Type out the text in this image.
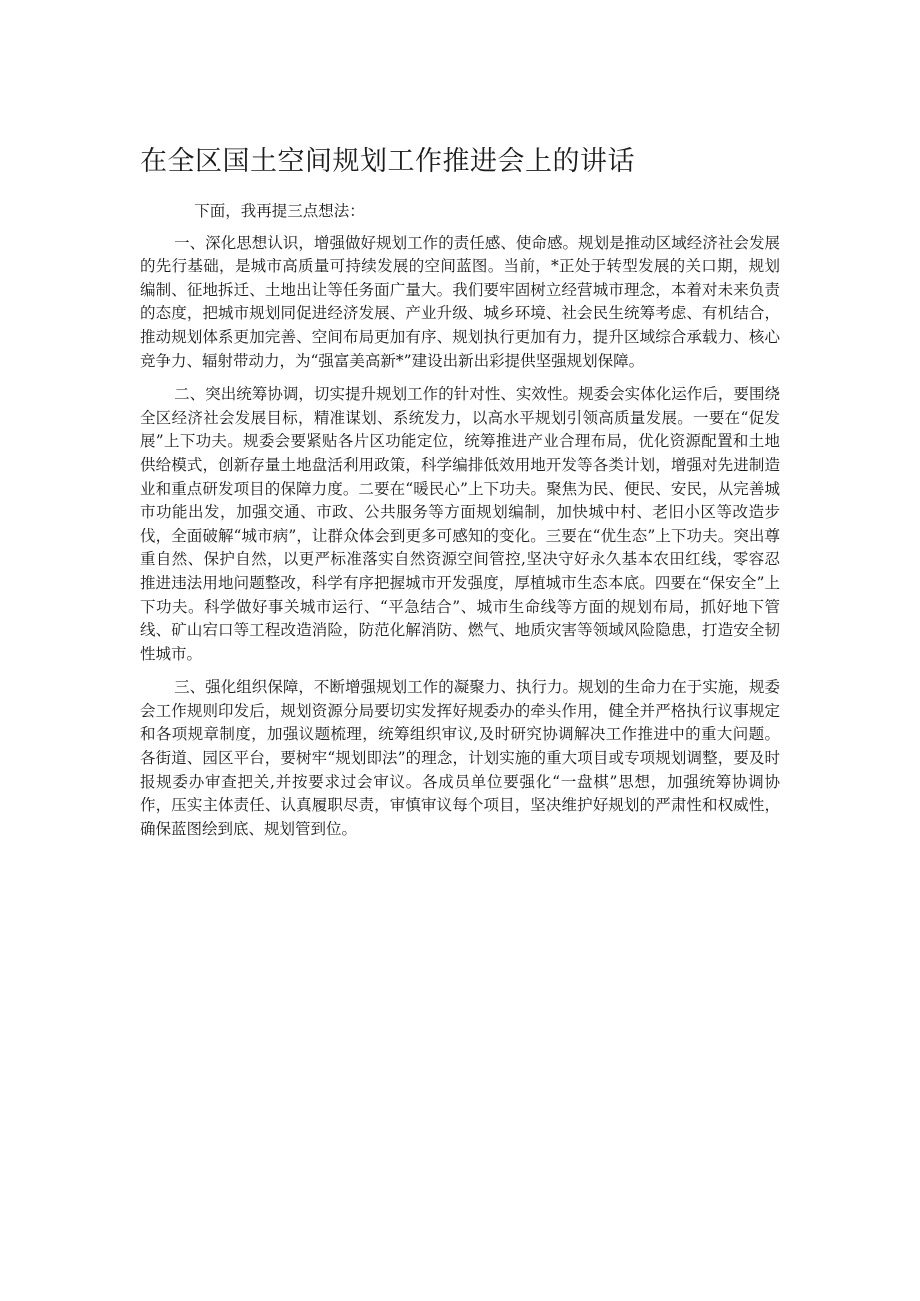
在全区国土空间规划工作推进会上的讲话

下面，我再提三点想法：

一、深化思想认识，增强做好规划工作的责任感、使命感。规划是推动区域经济社会发展的先行基础，是城市高质量可持续发展的空间蓝图。当前，*正处于转型发展的关口期，规划编制、征地拆迁、土地出让等任务面广量大。我们要牢固树立经营城市理念，本着对未来负责的态度，把城市规划同促进经济发展、产业升级、城乡环境、社会民生统筹考虑、有机结合，推动规划体系更加完善、空间布局更加有序、规划执行更加有力，提升区域综合承载力、核心竞争力、辐射带动力，为“强富美高新*”建设出新出彩提供坚强规划保障。

二、突出统筹协调，切实提升规划工作的针对性、实效性。规委会实体化运作后，要围绕全区经济社会发展目标，精准谋划、系统发力，以高水平规划引领高质量发展。一要在“促发展”上下功夫。规委会要紧贴各片区功能定位，统筹推进产业合理布局，优化资源配置和土地供给模式，创新存量土地盘活利用政策，科学编排低效用地开发等各类计划，增强对先进制造业和重点研发项目的保障力度。二要在“暖民心”上下功夫。聚焦为民、便民、安民，从完善城市功能出发，加强交通、市政、公共服务等方面规划编制，加快城中村、老旧小区等改造步伐，全面破解“城市病”，让群众体会到更多可感知的变化。三要在“优生态”上下功夫。突出尊重自然、保护自然，以更严标准落实自然资源空间管控,坚决守好永久基本农田红线，零容忍推进违法用地问题整改，科学有序把握城市开发强度，厚植城市生态本底。四要在“保安全”上下功夫。科学做好事关城市运行、“平急结合”、城市生命线等方面的规划布局，抓好地下管线、矿山宕口等工程改造消险，防范化解消防、燃气、地质灾害等领域风险隐患，打造安全韧性城市。

三、强化组织保障，不断增强规划工作的凝聚力、执行力。规划的生命力在于实施，规委会工作规则印发后，规划资源分局要切实发挥好规委办的牵头作用，健全并严格执行议事规定和各项规章制度，加强议题梳理，统筹组织审议,及时研究协调解决工作推进中的重大问题。各街道、园区平台，要树牢“规划即法”的理念，计划实施的重大项目或专项规划调整，要及时报规委办审查把关,并按要求过会审议。各成员单位要强化“一盘棋”思想，加强统筹协调协作，压实主体责任、认真履职尽责，审慎审议每个项目，坚决维护好规划的严肃性和权威性，确保蓝图绘到底、规划管到位。
